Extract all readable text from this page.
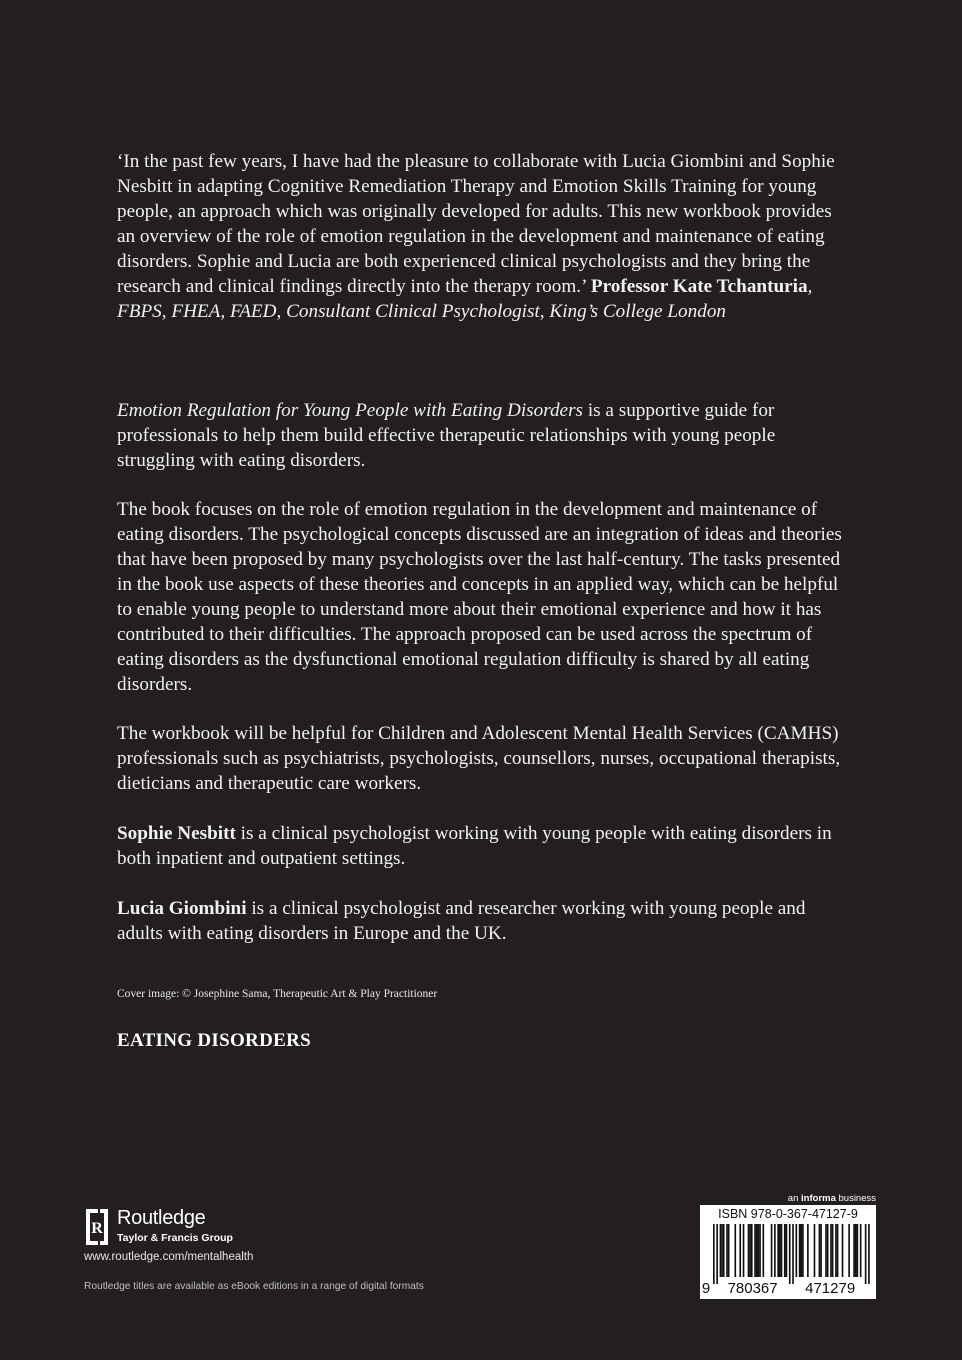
‘In the past few years, I have had the pleasure to collaborate with Lucia Giombini and Sophie Nesbitt in adapting Cognitive Remediation Therapy and Emotion Skills Training for young people, an approach which was originally developed for adults. This new workbook provides an overview of the role of emotion regulation in the development and maintenance of eating disorders. Sophie and Lucia are both experienced clinical psychologists and they bring the research and clinical findings directly into the therapy room.’ Professor Kate Tchanturia, FBPS, FHEA, FAED, Consultant Clinical Psychologist, King’s College London

Emotion Regulation for Young People with Eating Disorders is a supportive guide for professionals to help them build effective therapeutic relationships with young people struggling with eating disorders.

The book focuses on the role of emotion regulation in the development and maintenance of eating disorders. The psychological concepts discussed are an integration of ideas and theories that have been proposed by many psychologists over the last half-century. The tasks presented in the book use aspects of these theories and concepts in an applied way, which can be helpful to enable young people to understand more about their emotional experience and how it has contributed to their difficulties. The approach proposed can be used across the spectrum of eating disorders as the dysfunctional emotional regulation difficulty is shared by all eating disorders.

The workbook will be helpful for Children and Adolescent Mental Health Services (CAMHS) professionals such as psychiatrists, psychologists, counsellors, nurses, occupational therapists, dieticians and therapeutic care workers.

Sophie Nesbitt is a clinical psychologist working with young people with eating disorders in both inpatient and outpatient settings.

Lucia Giombini is a clinical psychologist and researcher working with young people and adults with eating disorders in Europe and the UK.

Cover image: © Josephine Sama, Therapeutic Art & Play Practitioner
EATING DISORDERS
R Routledge
Taylor & Francis Group
www.routledge.com/mentalhealth
Routledge titles are available as eBook editions in a range of digital formats
an informa business
9 780367 471279
ISBN 978-0-367-47127-9
